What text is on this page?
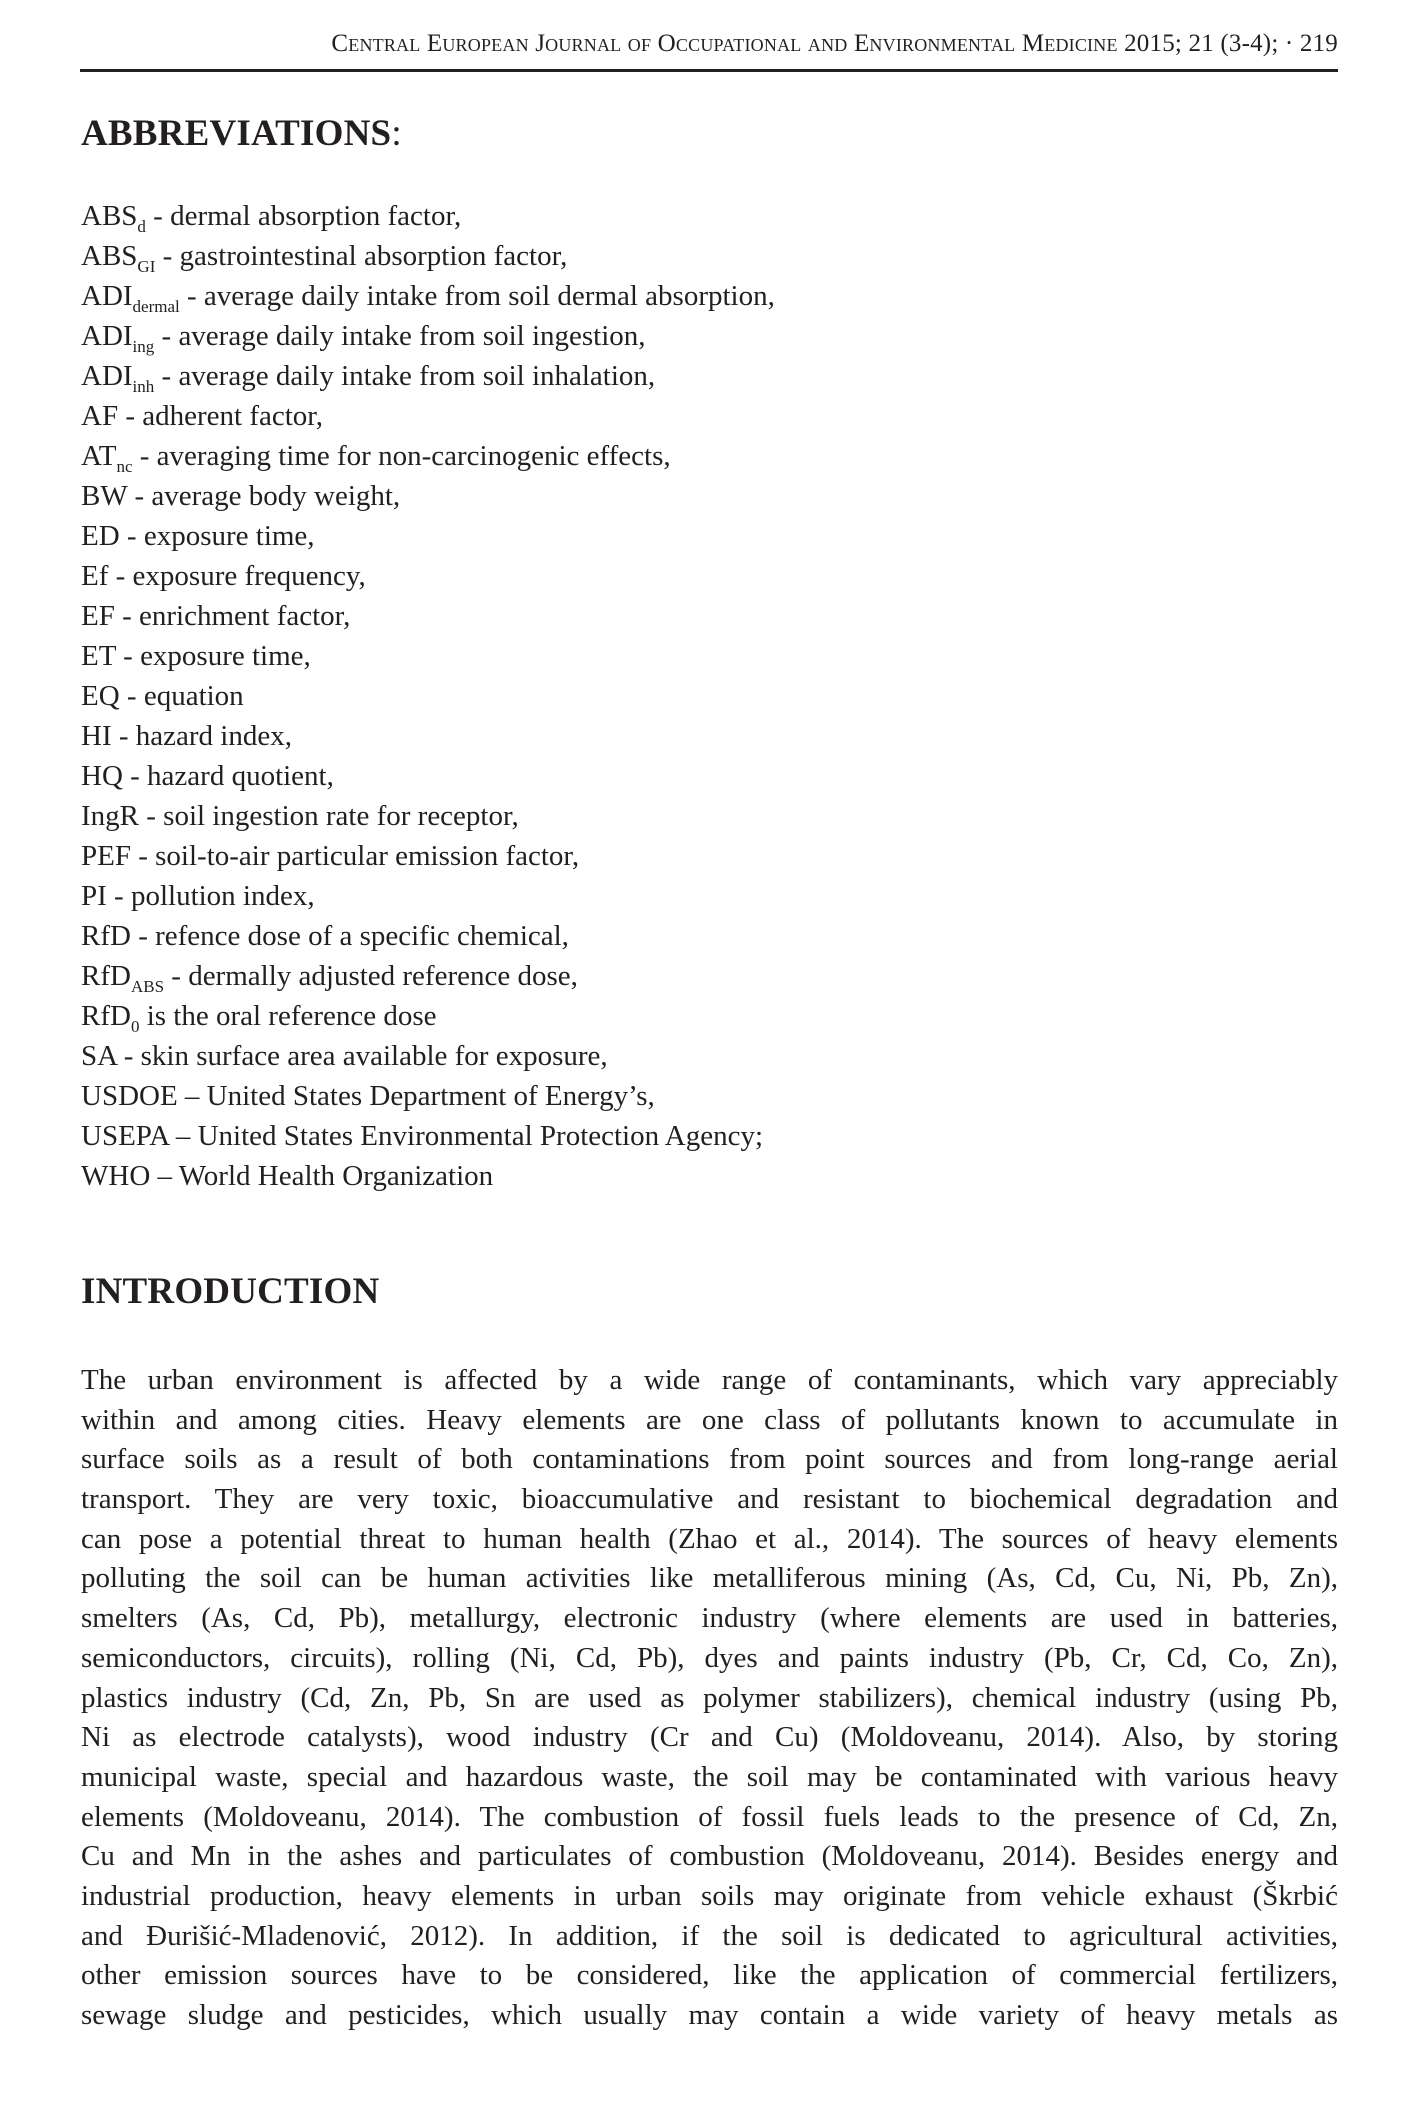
Central European Journal of Occupational and Environmental Medicine 2015; 21 (3-4); · 219
ABBREVIATIONS:
$ABS_d$ - dermal absorption factor,
$ABS_{GI}$ - gastrointestinal absorption factor,
$ADI_{dermal}$ - average daily intake from soil dermal absorption,
$ADI_{ing}$ - average daily intake from soil ingestion,
$ADI_{inh}$ - average daily intake from soil inhalation,
AF - adherent factor,
$AT_{nc}$ - averaging time for non-carcinogenic effects,
BW - average body weight,
ED - exposure time,
Ef - exposure frequency,
EF - enrichment factor,
ET - exposure time,
EQ - equation
HI - hazard index,
HQ - hazard quotient,
IngR - soil ingestion rate for receptor,
PEF - soil-to-air particular emission factor,
PI - pollution index,
RfD - refence dose of a specific chemical,
RfD$_{ABS}$ - dermally adjusted reference dose,
RfD$_0$ is the oral reference dose
SA - skin surface area available for exposure,
USDOE – United States Department of Energy’s,
USEPA – United States Environmental Protection Agency;
WHO – World Health Organization
INTRODUCTION
The urban environment is affected by a wide range of contaminants, which vary appreciably
within and among cities. Heavy elements are one class of pollutants known to accumulate in
surface soils as a result of both contaminations from point sources and from long-range aerial
transport. They are very toxic, bioaccumulative and resistant to biochemical degradation and
can pose a potential threat to human health (Zhao et al., 2014). The sources of heavy elements
polluting the soil can be human activities like metalliferous mining (As, Cd, Cu, Ni, Pb, Zn),
smelters (As, Cd, Pb), metallurgy, electronic industry (where elements are used in batteries,
semiconductors, circuits), rolling (Ni, Cd, Pb), dyes and paints industry (Pb, Cr, Cd, Co, Zn),
plastics industry (Cd, Zn, Pb, Sn are used as polymer stabilizers), chemical industry (using Pb,
Ni as electrode catalysts), wood industry (Cr and Cu) (Moldoveanu, 2014). Also, by storing
municipal waste, special and hazardous waste, the soil may be contaminated with various heavy
elements (Moldoveanu, 2014). The combustion of fossil fuels leads to the presence of Cd, Zn,
Cu and Mn in the ashes and particulates of combustion (Moldoveanu, 2014). Besides energy and
industrial production, heavy elements in urban soils may originate from vehicle exhaust (Škrbić
and Đurišić-Mladenović, 2012). In addition, if the soil is dedicated to agricultural activities,
other emission sources have to be considered, like the application of commercial fertilizers,
sewage sludge and pesticides, which usually may contain a wide variety of heavy metals as
